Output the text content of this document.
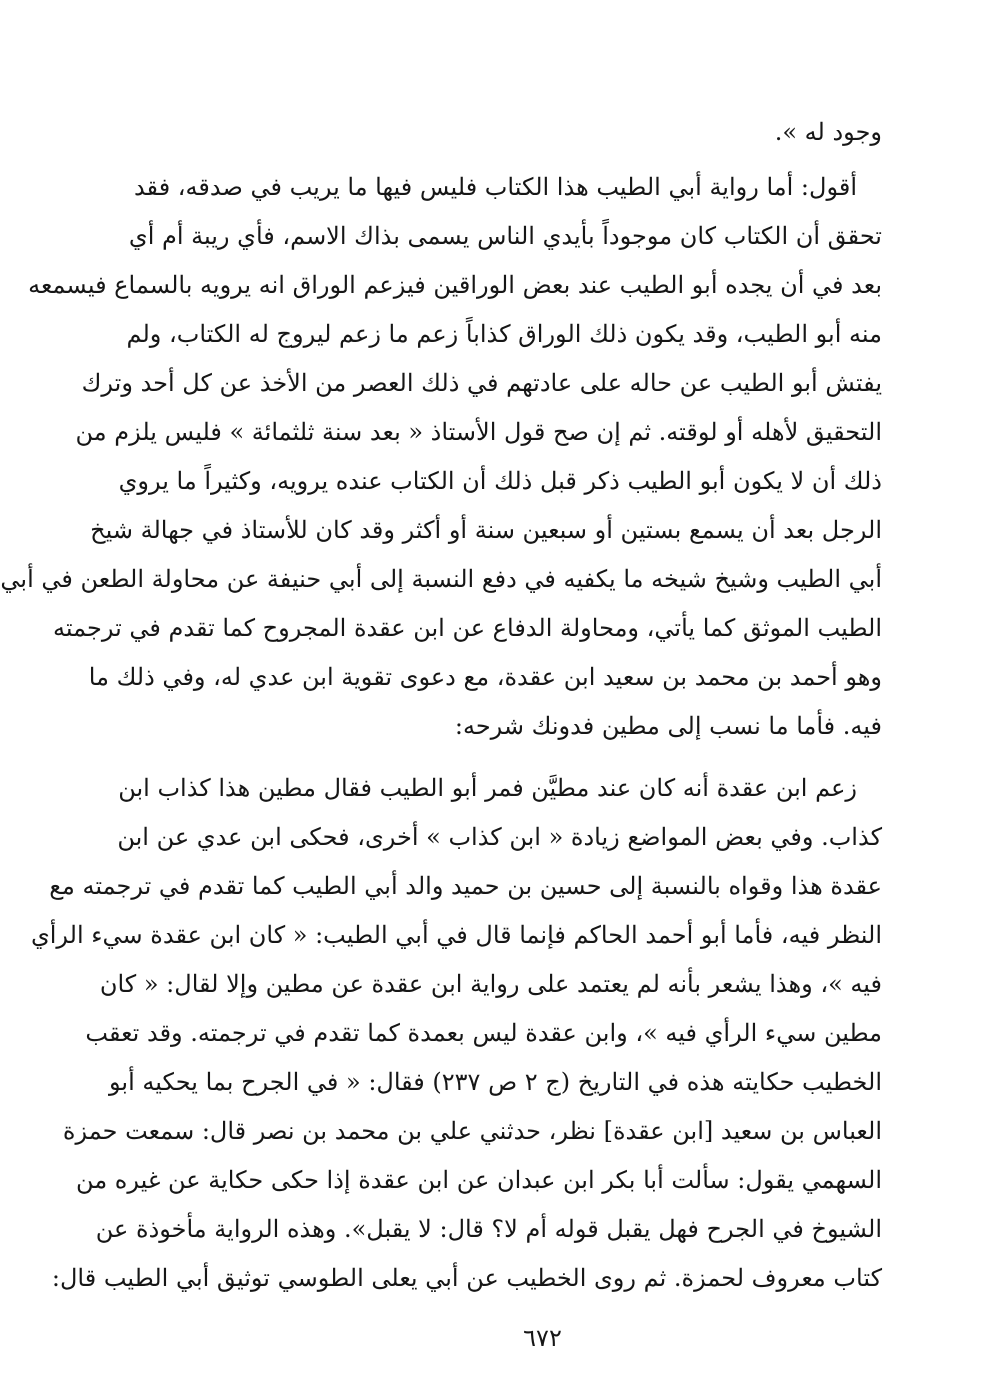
وجود له ».
أقول: أما رواية أبي الطيب هذا الكتاب فليس فيها ما يريب في صدقه، فقد
تحقق أن الكتاب كان موجوداً بأيدي الناس يسمى بذاك الاسم، فأي ريبة أم أي
بعد في أن يجده أبو الطيب عند بعض الوراقين فيزعم الوراق انه يرويه بالسماع فيسمعه
منه أبو الطيب، وقد يكون ذلك الوراق كذاباً زعم ما زعم ليروج له الكتاب، ولم
يفتش أبو الطيب عن حاله على عادتهم في ذلك العصر من الأخذ عن كل أحد وترك
التحقيق لأهله أو لوقته. ثم إن صح قول الأستاذ « بعد سنة ثلثمائة » فليس يلزم من
ذلك أن لا يكون أبو الطيب ذكر قبل ذلك أن الكتاب عنده يرويه، وكثيراً ما يروي
الرجل بعد أن يسمع بستين أو سبعين سنة أو أكثر وقد كان للأستاذ في جهالة شيخ
أبي الطيب وشيخ شيخه ما يكفيه في دفع النسبة إلى أبي حنيفة عن محاولة الطعن في أبي
الطيب الموثق كما يأتي، ومحاولة الدفاع عن ابن عقدة المجروح كما تقدم في ترجمته
وهو أحمد بن محمد بن سعيد ابن عقدة، مع دعوى تقوية ابن عدي له، وفي ذلك ما
فيه. فأما ما نسب إلى مطين فدونك شرحه:
زعم ابن عقدة أنه كان عند مطيَّن فمر أبو الطيب فقال مطين هذا كذاب ابن
كذاب. وفي بعض المواضع زيادة « ابن كذاب » أخرى، فحكى ابن عدي عن ابن
عقدة هذا وقواه بالنسبة إلى حسين بن حميد والد أبي الطيب كما تقدم في ترجمته مع
النظر فيه، فأما أبو أحمد الحاكم فإنما قال في أبي الطيب: « كان ابن عقدة سيء الرأي
فيه »، وهذا يشعر بأنه لم يعتمد على رواية ابن عقدة عن مطين وإلا لقال: « كان
مطين سيء الرأي فيه »، وابن عقدة ليس بعمدة كما تقدم في ترجمته. وقد تعقب
الخطيب حكايته هذه في التاريخ (ج ٢ ص ٢٣٧) فقال: « في الجرح بما يحكيه أبو
العباس بن سعيد [ابن عقدة] نظر، حدثني علي بن محمد بن نصر قال: سمعت حمزة
السهمي يقول: سألت أبا بكر ابن عبدان عن ابن عقدة إذا حكى حكاية عن غيره من
الشيوخ في الجرح فهل يقبل قوله أم لا؟ قال: لا يقبل». وهذه الرواية مأخوذة عن
كتاب معروف لحمزة. ثم روى الخطيب عن أبي يعلى الطوسي توثيق أبي الطيب قال:
٦٧٢
